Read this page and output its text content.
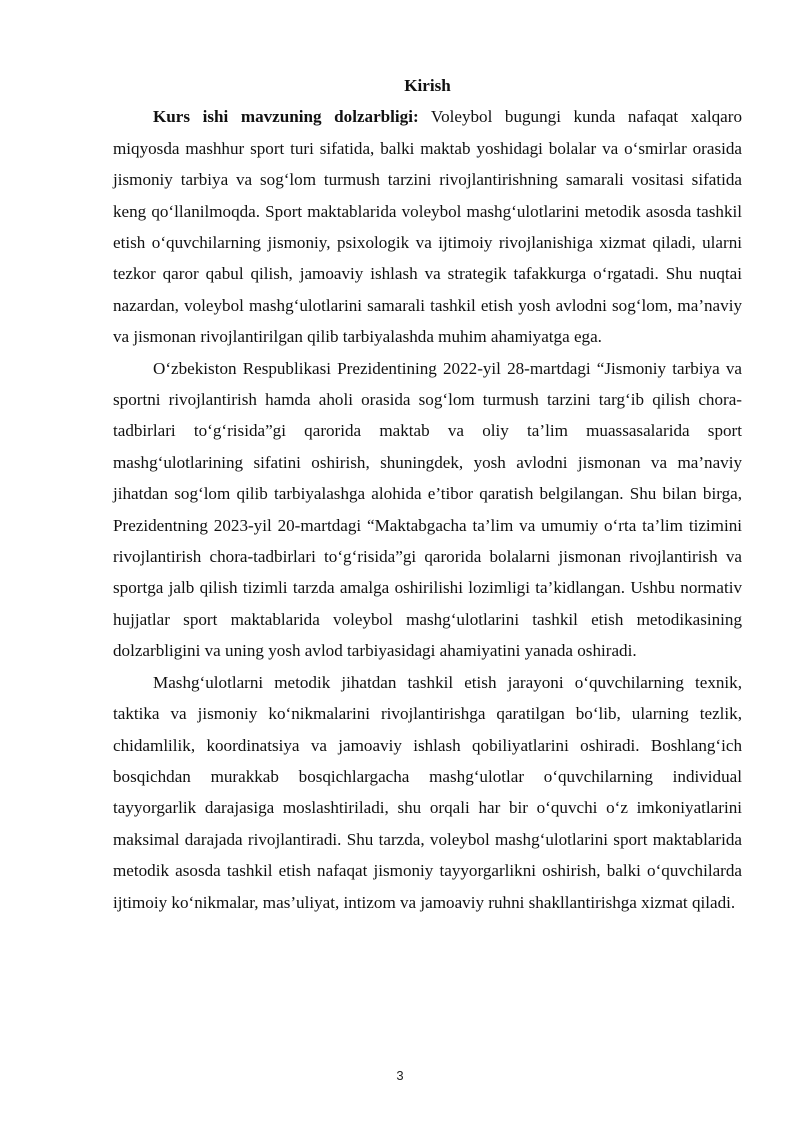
Kirish

Kurs ishi mavzuning dolzarbligi: Voleybol bugungi kunda nafaqat xalqaro miqyosda mashhur sport turi sifatida, balki maktab yoshidagi bolalar va o‘smirlar orasida jismoniy tarbiya va sog‘lom turmush tarzini rivojlantirishning samarali vositasi sifatida keng qo‘llanilmoqda. Sport maktablarida voleybol mashg‘ulotlarini metodik asosda tashkil etish o‘quvchilarning jismoniy, psixologik va ijtimoiy rivojlanishiga xizmat qiladi, ularni tezkor qaror qabul qilish, jamoaviy ishlash va strategik tafakkurga o‘rgatadi. Shu nuqtai nazardan, voleybol mashg‘ulotlarini samarali tashkil etish yosh avlodni sog‘lom, ma’naviy va jismonan rivojlantirilgan qilib tarbiyalashda muhim ahamiyatga ega.

O‘zbekiston Respublikasi Prezidentining 2022-yil 28-martdagi “Jismoniy tarbiya va sportni rivojlantirish hamda aholi orasida sog‘lom turmush tarzini targ‘ib qilish chora-tadbirlari to‘g‘risida”gi qarorida maktab va oliy ta’lim muassasalarida sport mashg‘ulotlarining sifatini oshirish, shuningdek, yosh avlodni jismonan va ma’naviy jihatdan sog‘lom qilib tarbiyalashga alohida e’tibor qaratish belgilangan. Shu bilan birga, Prezidentning 2023-yil 20-martdagi “Maktabgacha ta’lim va umumiy o‘rta ta’lim tizimini rivojlantirish chora-tadbirlari to‘g‘risida”gi qarorida bolalarni jismonan rivojlantirish va sportga jalb qilish tizimli tarzda amalga oshirilishi lozimligi ta’kidlangan. Ushbu normativ hujjatlar sport maktablarida voleybol mashg‘ulotlarini tashkil etish metodikasining dolzarbligini va uning yosh avlod tarbiyasidagi ahamiyatini yanada oshiradi.

Mashg‘ulotlarni metodik jihatdan tashkil etish jarayoni o‘quvchilarning texnik, taktika va jismoniy ko‘nikmalarini rivojlantirishga qaratilgan bo‘lib, ularning tezlik, chidamlilik, koordinatsiya va jamoaviy ishlash qobiliyatlarini oshiradi. Boshlang‘ich bosqichdan murakkab bosqichlargacha mashg‘ulotlar o‘quvchilarning individual tayyorgarlik darajasiga moslashtiriladi, shu orqali har bir o‘quvchi o‘z imkoniyatlarini maksimal darajada rivojlantiradi. Shu tarzda, voleybol mashg‘ulotlarini sport maktablarida metodik asosda tashkil etish nafaqat jismoniy tayyorgarlikni oshirish, balki o‘quvchilarda ijtimoiy ko‘nikmalar, mas’uliyat, intizom va jamoaviy ruhni shakllantirishga xizmat qiladi.

3
